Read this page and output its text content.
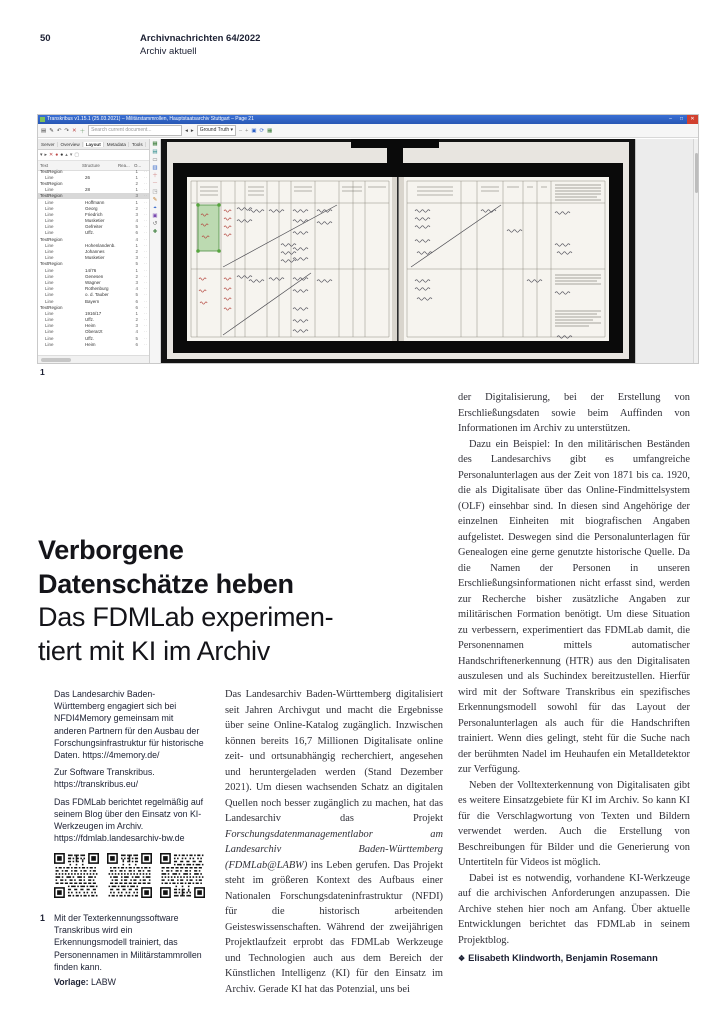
50	Archivnachrichten 64/2022
Archiv aktuell
Transkribus v1.15.1 (25.03.2021) – Militärstammrollen, Hauptstaatsarchiv Stuttgart – Page 21	–	□	✕
▤ ✎ ↶ ↷ ✕ ＋	Search current document...	◂ ▸	Ground Truth ▾	– + ▣ ⟳ ▦
Server	Overview	Layout	Metadata	Tools
▾ ▸ ✕ ● ● ▴ ▾ ▢
Text	Structure	Rea... O...
TextRegion	1	··
Line	26	1	··
TextRegion	2	··
Line	28	1	··
TextRegion	3	··
Line	Hoffmann	1	··
Line	Georg	2	··
Line	Friedrich	3	··
Line	Musketier	4	··
Line	Gefreiter	5	··
Line	Uffz.	6	··
TextRegion	4	··
Line	Hohenlandenb.	1	··
Line	Johannes	2	··
Line	Musketier	3	··
TextRegion	5	··
Line	14/76	1	··
Line	Genesen	2	··
Line	Wagner	3	··
Line	Rothenburg	4	··
Line	o. d. Tauber	5	··
Line	Bayern	6	··
TextRegion	6	··
Line	1916/17	1	··
Line	Uffz.	2	··
Line	Heim	3	··
Line	Oberarzt	4	··
Line	Uffz.	5	··
Line	Heim	6	··
▦
▤
▭
▥
＋
－
◳
✎
⌖
▣
↺
✚
1
Verborgene
Datenschätze heben
Das FDMLab experimen-
tiert mit KI im Archiv

Das Landesarchiv Baden-Württemberg engagiert sich bei NFDI4Memory gemeinsam mit anderen Partnern für den Ausbau der Forschungsinfrastruktur für historische Daten. https://4memory.de/

Zur Software Transkribus. https://transkribus.eu/

Das FDMLab berichtet regelmäßig auf seinem Blog über den Einsatz von KI-Werkzeugen im Archiv. https://fdmlab.landesarchiv-bw.de

1	Mit der Texterkennungssoftware Transkribus wird ein Erkennungsmodell trainiert, das Personennamen in Militärstammrollen finden kann.
Vorlage: LABW

Das Landesarchiv Baden-Württemberg digitalisiert seit Jahren Archivgut und macht die Ergebnisse über seine Online-Katalog zugänglich. Inzwischen können bereits 16,7 Millionen Digitalisate online zeit- und ortsunabhängig recherchiert, angesehen und heruntergeladen werden (Stand Dezember 2021). Um diesen wachsenden Schatz an digitalen Quellen noch besser zugänglich zu machen, hat das Landesarchiv das Projekt Forschungsdatenmanagementlabor am Landesarchiv Baden-Württemberg (FDMLab@LABW) ins Leben gerufen. Das Projekt steht im größeren Kontext des Aufbaus einer Nationalen Forschungsdateninfrastruktur (NFDI) für die historisch arbeitenden Geisteswissenschaften. Während der zweijährigen Projektlaufzeit erprobt das FDMLab Werkzeuge und Technologien auch aus dem Bereich der Künstlichen Intelligenz (KI) für den Einsatz im Archiv. Gerade KI hat das Potenzial, uns bei

der Digitalisierung, bei der Erstellung von Erschließungsdaten sowie beim Auffinden von Informationen im Archiv zu unterstützen.

Dazu ein Beispiel: In den militärischen Beständen des Landesarchivs gibt es umfangreiche Personalunterlagen aus der Zeit von 1871 bis ca. 1920, die als Digitalisate über das Online-Findmittelsystem (OLF) einsehbar sind. In diesen sind Angehörige der einzelnen Einheiten mit biografischen Angaben aufgelistet. Deswegen sind die Personalunterlagen für Genealogen eine gerne genutzte historische Quelle. Da die Namen der Personen in unseren Erschließungsinformationen nicht erfasst sind, werden zur Recherche bisher zusätzliche Angaben zur militärischen Formation benötigt. Um diese Situation zu verbessern, experimentiert das FDMLab damit, die Personennamen mittels automatischer Handschriftenerkennung (HTR) aus den Digitalisaten auszulesen und als Suchindex bereitzustellen. Hierfür wird mit der Software Transkribus ein spezifisches Erkennungsmodell sowohl für das Layout der Personalunterlagen als auch für die Handschriften trainiert. Wenn dies gelingt, steht für die Suche nach der berühmten Nadel im Heuhaufen ein Metalldetektor zur Verfügung.

Neben der Volltexterkennung von Digitalisaten gibt es weitere Einsatzgebiete für KI im Archiv. So kann KI für die Verschlagwortung von Texten und Bildern verwendet werden. Auch die Erstellung von Beschreibungen für Bilder und die Generierung von Untertiteln für Videos ist möglich.

Dabei ist es notwendig, vorhandene KI-Werkzeuge auf die archivischen Anforderungen anzupassen. Die Archive stehen hier noch am Anfang. Über aktuelle Entwicklungen berichtet das FDMLab in seinem Projektblog.

❖ Elisabeth Klindworth, Benjamin Rosemann
